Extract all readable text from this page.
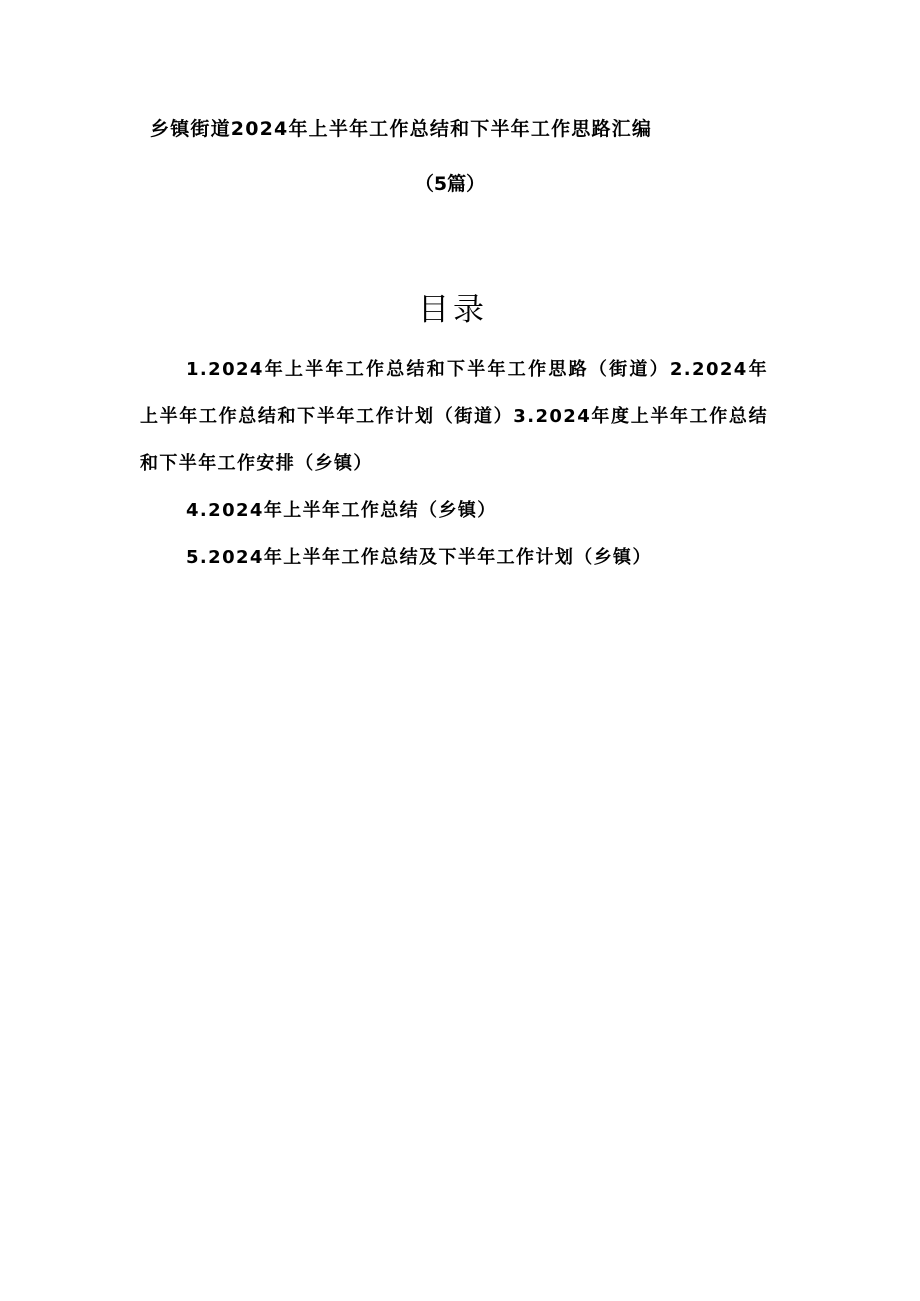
乡镇街道2024年上半年工作总结和下半年工作思路汇编
（5篇）
目录

1.2024年上半年工作总结和下半年工作思路（街道）2.2024年上半年工作总结和下半年工作计划（街道）3.2024年度上半年工作总结和下半年工作安排（乡镇）

4.2024年上半年工作总结（乡镇）

5.2024年上半年工作总结及下半年工作计划（乡镇）
